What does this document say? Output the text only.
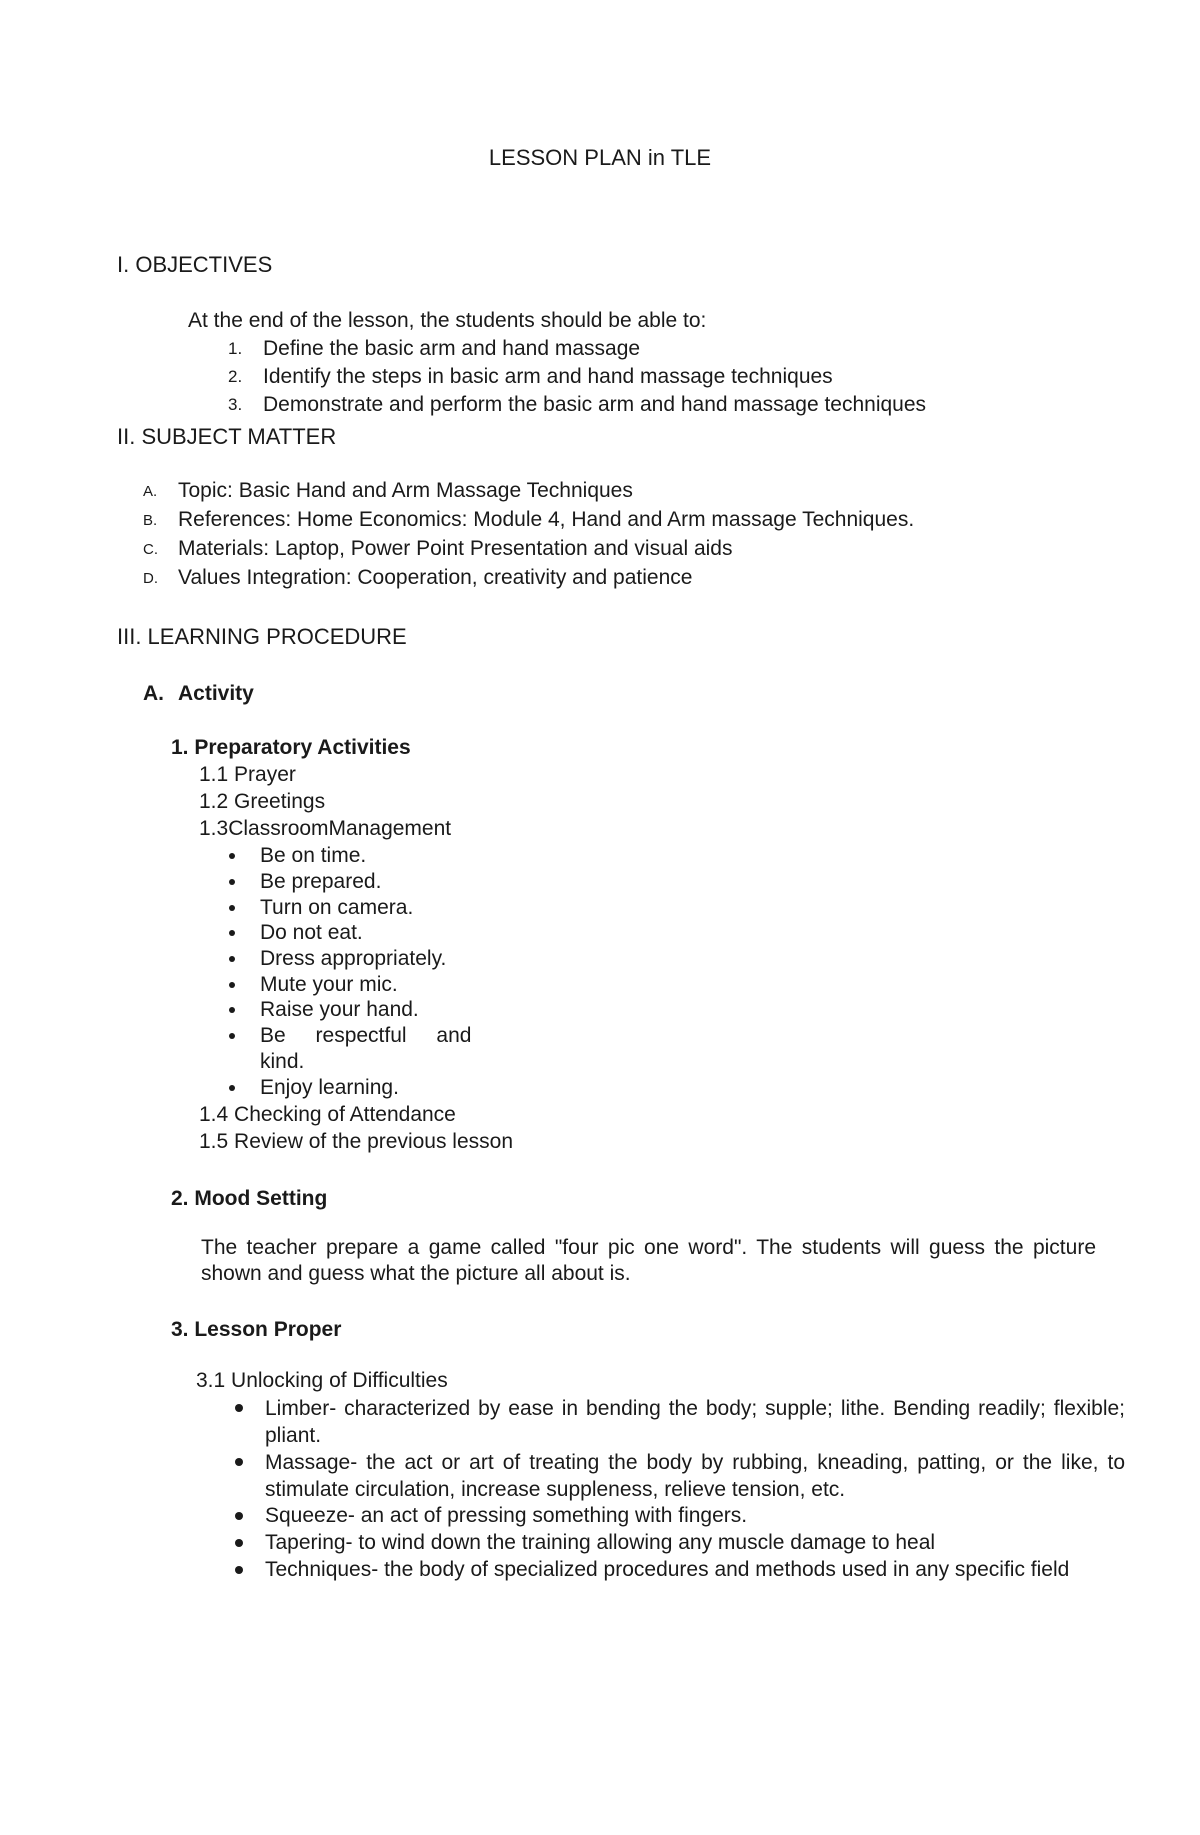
LESSON PLAN in TLE
I. OBJECTIVES
At the end of the lesson, the students should be able to:
1. Define the basic arm and hand massage
2. Identify the steps in basic arm and hand massage techniques
3. Demonstrate and perform the basic arm and hand massage techniques
II. SUBJECT MATTER
A. Topic: Basic Hand and Arm Massage Techniques
B. References: Home Economics: Module 4, Hand and Arm massage Techniques.
C. Materials: Laptop, Power Point Presentation and visual aids
D. Values Integration: Cooperation, creativity and patience
III. LEARNING PROCEDURE
A. Activity
1. Preparatory Activities
1.1 Prayer
1.2 Greetings
1.3ClassroomManagement
Be on time.
Be prepared.
Turn on camera.
Do not eat.
Dress appropriately.
Mute your mic.
Raise your hand.
Be respectful and
kind.
Enjoy learning.
1.4 Checking of Attendance
1.5 Review of the previous lesson
2. Mood Setting
The teacher prepare a game called "four pic one word". The students will guess the picture shown and guess what the picture all about is.
3. Lesson Proper
3.1 Unlocking of Difficulties
Limber- characterized by ease in bending the body; supple; lithe. Bending readily; flexible; pliant.
Massage- the act or art of treating the body by rubbing, kneading, patting, or the like, to stimulate circulation, increase suppleness, relieve tension, etc.
Squeeze- an act of pressing something with fingers.
Tapering- to wind down the training allowing any muscle damage to heal
Techniques- the body of specialized procedures and methods used in any specific field
